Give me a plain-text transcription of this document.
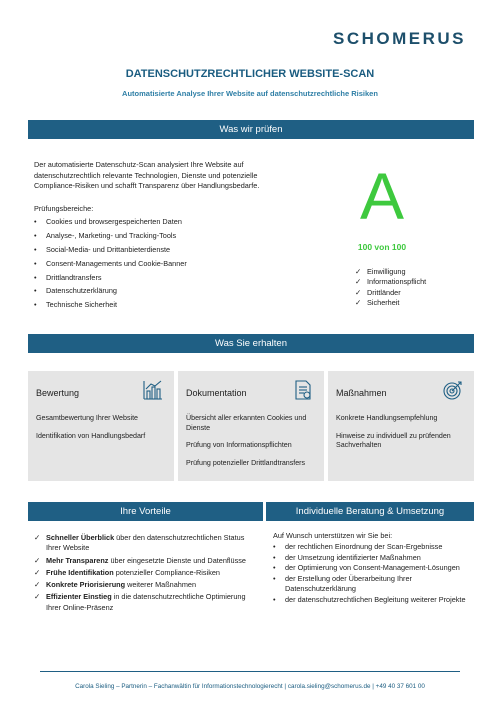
SCHOMERUS
DATENSCHUTZRECHTLICHER WEBSITE-SCAN
Automatisierte Analyse Ihrer Website auf datenschutzrechtliche Risiken
Was wir prüfen
Der automatisierte Datenschutz-Scan analysiert Ihre Website auf datenschutzrechtlich relevante Technologien, Dienste und potenzielle Compliance-Risiken und schafft Transparenz über Handlungsbedarfe.
Prüfungsbereiche:
• Cookies und browsergespeicherten Daten
• Analyse-, Marketing- und Tracking-Tools
• Social-Media- und Drittanbieterdienste
• Consent-Managements und Cookie-Banner
• Drittlandtransfers
• Datenschutzerklärung
• Technische Sicherheit
A
100 von 100
✓ Einwilligung
✓ Informationspflicht
✓ Drittländer
✓ Sicherheit
Was Sie erhalten
Bewertung

Gesamtbewertung Ihrer Website

Identifikation von Handlungsbedarf

Dokumentation

Übersicht aller erkannten Cookies und Dienste

Prüfung von Informationspflichten

Prüfung potenzieller Drittlandtransfers

Maßnahmen

Konkrete Handlungsempfehlung

Hinweise zu individuell zu prüfenden Sachverhalten

Ihre Vorteile	Individuelle Beratung & Umsetzung
✓ Schneller Überblick über den datenschutzrechtlichen Status Ihrer Website
✓ Mehr Transparenz über eingesetzte Dienste und Datenflüsse
✓ Frühe Identifikation potenzieller Compliance-Risiken
✓ Konkrete Priorisierung weiterer Maßnahmen
✓ Effizienter Einstieg in die datenschutzrechtliche Optimierung Ihrer Online-Präsenz
Auf Wunsch unterstützen wir Sie bei:
• der rechtlichen Einordnung der Scan-Ergebnisse
• der Umsetzung identifizierter Maßnahmen
• der Optimierung von Consent-Management-Lösungen
• der Erstellung oder Überarbeitung Ihrer Datenschutzerklärung
• der datenschutzrechtlichen Begleitung weiterer Projekte
Carola Sieling – Partnerin – Fachanwältin für Informationstechnologierecht | carola.sieling@schomerus.de | +49 40 37 601 00
